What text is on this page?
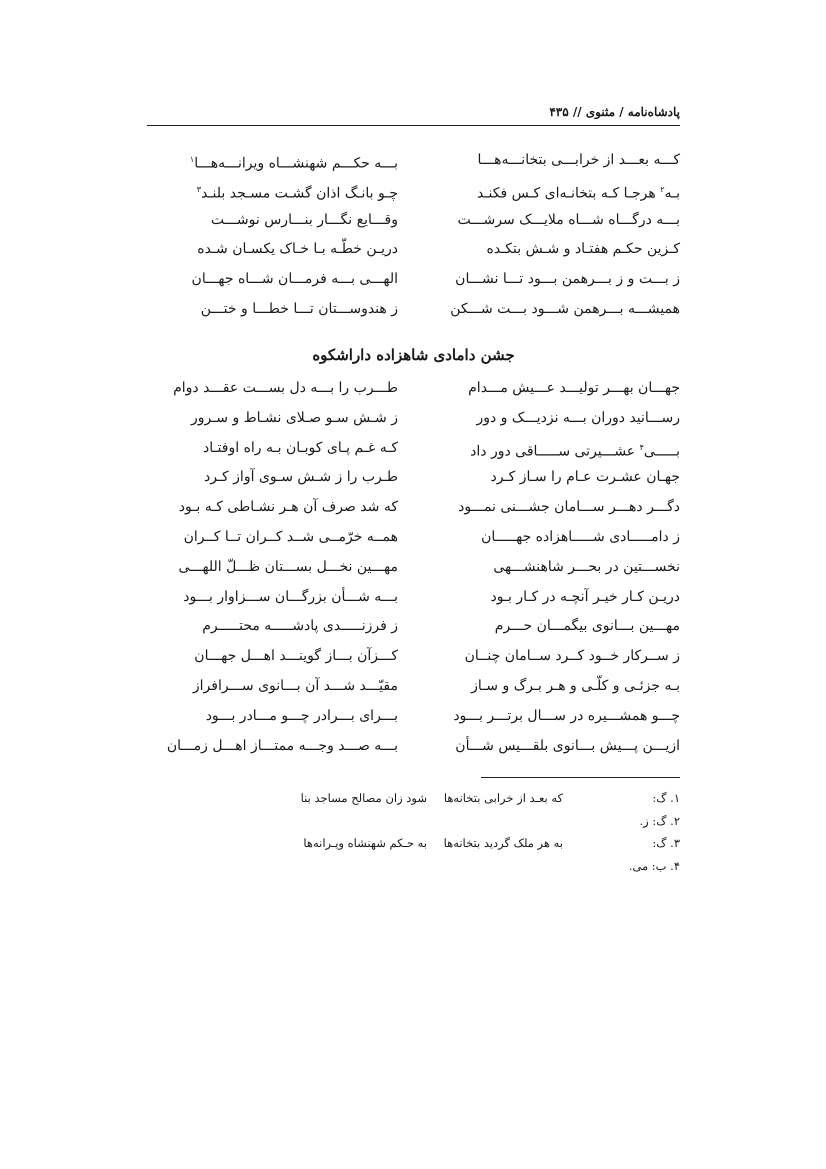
پادشاه‌نامه / مثنوی // ۴۳۵
کـــه بعـــد از خرابـــی بتخانـــه‌هـــا
بـــه حکـــم شهنشـــاه ویرانـــه‌هـــا$^۱$
بـه$^۲$ هرجـا کـه بتخانـه‌ای کـس فکنـد
چـو بانـگ اذان گشـت مسـجد بلنـد$^۳$
بـــه درگـــاه شـــاه ملایـــک سرشـــت
وقـــایع نگـــار بنـــارس نوشـــت
کـزین حکـم هفتـاد و شـش بتکـده
دریـن خطّـه بـا خـاک یکسـان شـده
ز بـــت و ز بـــرهمن بـــود تـــا نشـــان
الهـــی بـــه فرمـــان شـــاه جهـــان
همیشـــه بـــرهمن شـــود بـــت شـــکن
ز هندوســـتان تـــا خطـــا و ختـــن
جشن دامادی شاهزاده داراشکوه
جهـــان بهـــر تولیـــد عـــیش مـــدام
طـــرب را بـــه دل بســـت عقـــد دوام
رســـانید دوران بـــه نزدیـــک و دور
ز شـش سـو صـلای نشـاط و سـرور
بـــــی$^۴$ عشـــیرتی ســـــاقی دور داد
کـه غـم پـای کوبـان بـه راه اوفتـاد
جهـان عشـرت عـام را سـاز کـرد
طـرب را ز شـش سـوی آواز کـرد
دگـــر دهـــر ســـامان جشـــنی نمـــود
که شد صرف آن هـر نشـاطی کـه بـود
ز دامـــــادی شـــــاهزاده جهـــــان
همــه خرّمــی شــد کــران تــا کــران
نخســـتین در بحـــر شاهنشـــهی
مهـــین نخـــل بســـتان ظـــلّ اللهـــی
دریـن کـار خیـر آنچـه در کـار بـود
بـــه شـــأن بزرگـــان ســـزاوار بـــود
مهـــین بـــانوی بیگمـــان حـــرم
ز فرزنـــــدی پادشـــــه محتـــــرم
ز ســرکار خــود کــرد ســامان چنــان
کـــزآن بـــاز گوینـــد اهـــل جهـــان
بـه جزئـی و کلّـی و هـر بـرگ و سـاز
مقیّـــد شـــد آن بـــانوی ســـرافراز
چـــو همشـــیره در ســـال برتـــر بـــود
بـــرای بـــرادر چـــو مـــادر بـــود
ازیـــن پـــیش بـــانوی بلقـــیس شـــأن
بـــه صـــد وجـــه ممتـــاز اهـــل زمـــان
۱. گ:
که بعـد از خرابی بتخانه‌ها
شود زان مصالح مساجد بنا
۲. گ: ز.
۳. گ:
به هر ملک گردید بتخانه‌ها
به حـکم شهنشاه ویـرانه‌ها
۴. ب: می.
